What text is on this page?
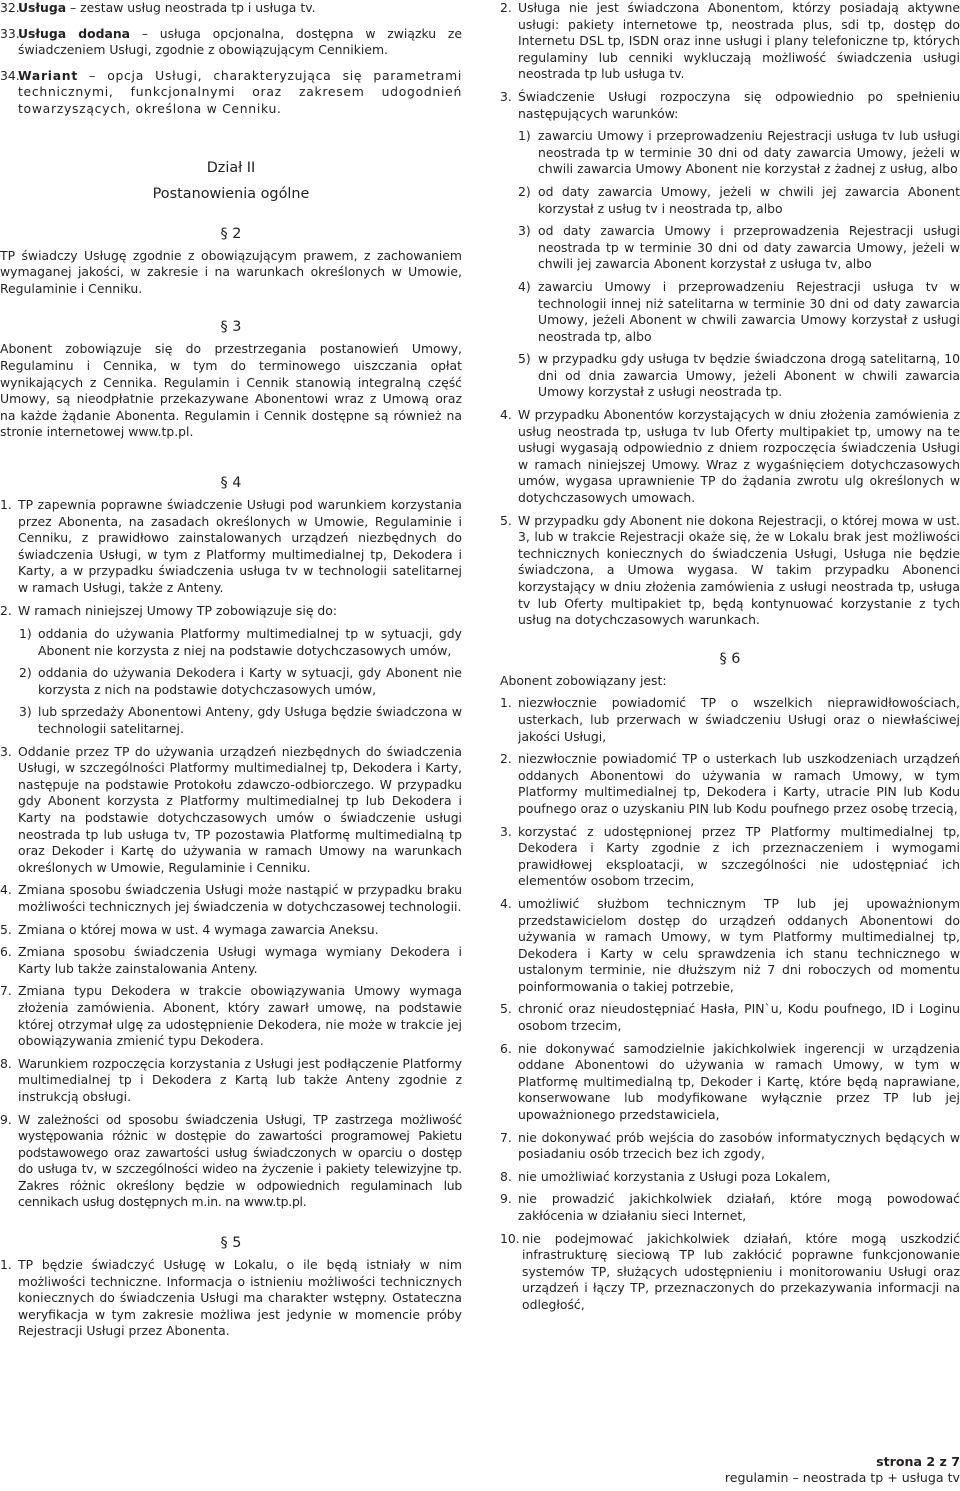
32.
Usługa – zestaw usług neostrada tp i usługa tv.
33.
Usługa dodana – usługa opcjonalna, dostępna w związku ze świadczeniem Usługi, zgodnie z obowiązującym Cennikiem.
34.
Wariant – opcja Usługi, charakteryzująca się parametrami technicznymi, funkcjonalnymi oraz zakresem udogodnień towarzyszących, określona w Cenniku.
Dział II
Postanowienia ogólne
§ 2

TP świadczy Usługę zgodnie z obowiązującym prawem, z zachowaniem wymaganej jakości, w zakresie i na warunkach określonych w Umowie, Regulaminie i Cenniku.

§ 3

Abonent zobowiązuje się do przestrzegania postanowień Umowy, Regulaminu i Cennika, w tym do terminowego uiszczania opłat wynikających z Cennika. Regulamin i Cennik stanowią integralną część Umowy, są nieodpłatnie przekazywane Abonentowi wraz z Umową oraz na każde żądanie Abonenta. Regulamin i Cennik dostępne są również na stronie internetowej www.tp.pl.

§ 4
1. TP zapewnia poprawne świadczenie Usługi pod warunkiem korzystania przez Abonenta, na zasadach określonych w Umowie, Regulaminie i Cenniku, z prawidłowo zainstalowanych urządzeń niezbędnych do świadczenia Usługi, w tym z Platformy multimedialnej tp, Dekodera i Karty, a w przypadku świadczenia usługa tv w technologii satelitarnej w ramach Usługi, także z Anteny.
2. W ramach niniejszej Umowy TP zobowiązuje się do:
1) oddania do używania Platformy multimedialnej tp w sytuacji, gdy Abonent nie korzysta z niej na podstawie dotychczasowych umów,
2) oddania do używania Dekodera i Karty w sytuacji, gdy Abonent nie korzysta z nich na podstawie dotychczasowych umów,
3) lub sprzedaży Abonentowi Anteny, gdy Usługa będzie świadczona w technologii satelitarnej.
3. Oddanie przez TP do używania urządzeń niezbędnych do świadczenia Usługi, w szczególności Platformy multimedialnej tp, Dekodera i Karty, następuje na podstawie Protokołu zdawczo-odbiorczego. W przypadku gdy Abonent korzysta z Platformy multimedialnej tp lub Dekodera i Karty na podstawie dotychczasowych umów o świadczenie usługi neostrada tp lub usługa tv, TP pozostawia Platformę multimedialną tp oraz Dekoder i Kartę do używania w ramach Umowy na warunkach określonych w Umowie, Regulaminie i Cenniku.
4. Zmiana sposobu świadczenia Usługi może nastąpić w przypadku braku możliwości technicznych jej świadczenia w dotychczasowej technologii.
5. Zmiana o której mowa w ust. 4 wymaga zawarcia Aneksu.
6. Zmiana sposobu świadczenia Usługi wymaga wymiany Dekodera i Karty lub także zainstalowania Anteny.
7. Zmiana typu Dekodera w trakcie obowiązywania Umowy wymaga złożenia zamówienia. Abonent, który zawarł umowę, na podstawie której otrzymał ulgę za udostępnienie Dekodera, nie może w trakcie jej obowiązywania zmienić typu Dekodera.
8. Warunkiem rozpoczęcia korzystania z Usługi jest podłączenie Platformy multimedialnej tp i Dekodera z Kartą lub także Anteny zgodnie z instrukcją obsługi.
9. W zależności od sposobu świadczenia Usługi, TP zastrzega możliwość występowania różnic w dostępie do zawartości programowej Pakietu podstawowego oraz zawartości usług świadczonych w oparciu o dostęp do usługa tv, w szczególności wideo na życzenie i pakiety telewizyjne tp. Zakres różnic określony będzie w odpowiednich regulaminach lub cennikach usług dostępnych m.in. na www.tp.pl.
§ 5
1. TP będzie świadczyć Usługę w Lokalu, o ile będą istniały w nim możliwości techniczne. Informacja o istnieniu możliwości technicznych koniecznych do świadczenia Usługi ma charakter wstępny. Ostateczna weryfikacja w tym zakresie możliwa jest jedynie w momencie próby Rejestracji Usługi przez Abonenta.
2. Usługa nie jest świadczona Abonentom, którzy posiadają aktywne usługi: pakiety internetowe tp, neostrada plus, sdi tp, dostęp do Internetu DSL tp, ISDN oraz inne usługi i plany telefoniczne tp, których regulaminy lub cenniki wykluczają możliwość świadczenia usługi neostrada tp lub usługa tv.
3. Świadczenie Usługi rozpoczyna się odpowiednio po spełnieniu następujących warunków:
1) zawarciu Umowy i przeprowadzeniu Rejestracji usługa tv lub usługi neostrada tp w terminie 30 dni od daty zawarcia Umowy, jeżeli w chwili zawarcia Umowy Abonent nie korzystał z żadnej z usług, albo
2) od daty zawarcia Umowy, jeżeli w chwili jej zawarcia Abonent korzystał z usług tv i neostrada tp, albo
3) od daty zawarcia Umowy i przeprowadzenia Rejestracji usługi neostrada tp w terminie 30 dni od daty zawarcia Umowy, jeżeli w chwili jej zawarcia Abonent korzystał z usługa tv, albo
4) zawarciu Umowy i przeprowadzeniu Rejestracji usługa tv w technologii innej niż satelitarna w terminie 30 dni od daty zawarcia Umowy, jeżeli Abonent w chwili zawarcia Umowy korzystał z usługi neostrada tp, albo
5) w przypadku gdy usługa tv będzie świadczona drogą satelitarną, 10 dni od dnia zawarcia Umowy, jeżeli Abonent w chwili zawarcia Umowy korzystał z usługi neostrada tp.
4. W przypadku Abonentów korzystających w dniu złożenia zamówienia z usług neostrada tp, usługa tv lub Oferty multipakiet tp, umowy na te usługi wygasają odpowiednio z dniem rozpoczęcia świadczenia Usługi w ramach niniejszej Umowy. Wraz z wygaśnięciem dotychczasowych umów, wygasa uprawnienie TP do żądania zwrotu ulg określonych w dotychczasowych umowach.
5. W przypadku gdy Abonent nie dokona Rejestracji, o której mowa w ust. 3, lub w trakcie Rejestracji okaże się, że w Lokalu brak jest możliwości technicznych koniecznych do świadczenia Usługi, Usługa nie będzie świadczona, a Umowa wygasa. W takim przypadku Abonenci korzystający w dniu złożenia zamówienia z usługi neostrada tp, usługa tv lub Oferty multipakiet tp, będą kontynuować korzystanie z tych usług na dotychczasowych warunkach.
§ 6

Abonent zobowiązany jest:

1. niezwłocznie powiadomić TP o wszelkich nieprawidłowościach, usterkach, lub przerwach w świadczeniu Usługi oraz o niewłaściwej jakości Usługi,
2. niezwłocznie powiadomić TP o usterkach lub uszkodzeniach urządzeń oddanych Abonentowi do używania w ramach Umowy, w tym Platformy multimedialnej tp, Dekodera i Karty, utracie PIN lub Kodu poufnego oraz o uzyskaniu PIN lub Kodu poufnego przez osobę trzecią,
3. korzystać z udostępnionej przez TP Platformy multimedialnej tp, Dekodera i Karty zgodnie z ich przeznaczeniem i wymogami prawidłowej eksploatacji, w szczególności nie udostępniać ich elementów osobom trzecim,
4. umożliwić służbom technicznym TP lub jej upoważnionym przedstawicielom dostęp do urządzeń oddanych Abonentowi do używania w ramach Umowy, w tym Platformy multimedialnej tp, Dekodera i Karty w celu sprawdzenia ich stanu technicznego w ustalonym terminie, nie dłuższym niż 7 dni roboczych od momentu poinformowania o takiej potrzebie,
5. chronić oraz nieudostępniać Hasła, PIN`u, Kodu poufnego, ID i Loginu osobom trzecim,
6. nie dokonywać samodzielnie jakichkolwiek ingerencji w urządzenia oddane Abonentowi do używania w ramach Umowy, w tym w Platformę multimedialną tp, Dekoder i Kartę, które będą naprawiane, konserwowane lub modyfikowane wyłącznie przez TP lub jej upoważnionego przedstawiciela,
7. nie dokonywać prób wejścia do zasobów informatycznych będących w posiadaniu osób trzecich bez ich zgody,
8. nie umożliwiać korzystania z Usługi poza Lokalem,
9. nie prowadzić jakichkolwiek działań, które mogą powodować zakłócenia w działaniu sieci Internet,
10. nie podejmować jakichkolwiek działań, które mogą uszkodzić infrastrukturę sieciową TP lub zakłócić poprawne funkcjonowanie systemów TP, służących udostępnieniu i monitorowaniu Usługi oraz urządzeń i łączy TP, przeznaczonych do przekazywania informacji na odległość,
strona 2 z 7
regulamin – neostrada tp + usługa tv
